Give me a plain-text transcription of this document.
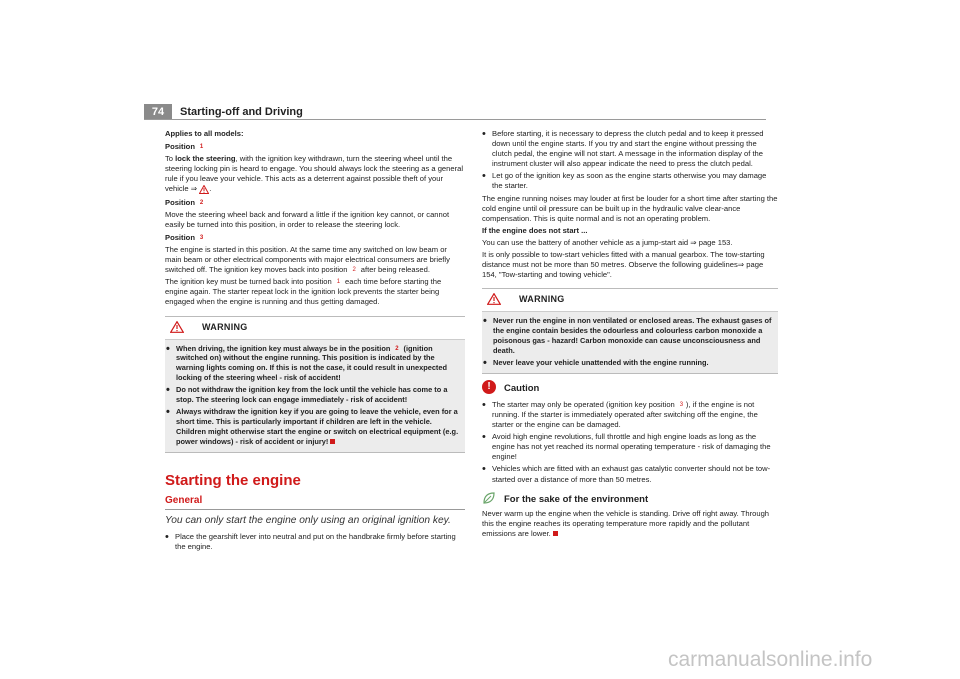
74	Starting-off and Driving

Applies to all models:

Position 1

To lock the steering, with the ignition key withdrawn, turn the steering wheel until the steering locking pin is heard to engage. You should always lock the steering as a general rule if you leave your vehicle. This acts as a deterrent against possible theft of your vehicle ⇒ .

Position 2

Move the steering wheel back and forward a little if the ignition key cannot, or cannot easily be turned into this position, in order to release the steering lock.

Position 3

The engine is started in this position. At the same time any switched on low beam or main beam or other electrical components with major electrical consumers are briefly switched off. The ignition key moves back into position 2 after being released.

The ignition key must be turned back into position 1 each time before starting the engine again. The starter repeat lock in the ignition lock prevents the starter being engaged when the engine is running and thus getting damaged.

WARNING

• When driving, the ignition key must always be in the position 2 (ignition switched on) without the engine running. This position is indicated by the warning lights coming on. If this is not the case, it could result in unexpected locking of the steering wheel - risk of accident!

• Do not withdraw the ignition key from the lock until the vehicle has come to a stop. The steering lock can engage immediately - risk of accident!

• Always withdraw the ignition key if you are going to leave the vehicle, even for a short time. This is particularly important if children are left in the vehicle. Children might otherwise start the engine or switch on electrical equipment (e.g. power windows) - risk of accident or injury!

Starting the engine
General
You can only start the engine only using an original ignition key.

• Place the gearshift lever into neutral and put on the handbrake firmly before starting the engine.

• Before starting, it is necessary to depress the clutch pedal and to keep it pressed down until the engine starts. If you try and start the engine without pressing the clutch pedal, the engine will not start. A message in the information display of the instrument cluster will also appear indicate the need to press the clutch pedal.

• Let go of the ignition key as soon as the engine starts otherwise you may damage the starter.

The engine running noises may louder at first be louder for a short time after starting the cold engine until oil pressure can be built up in the hydraulic valve clear-ance compensation. This is quite normal and is not an operating problem.

If the engine does not start ...

You can use the battery of another vehicle as a jump-start aid ⇒ page 153.

It is only possible to tow-start vehicles fitted with a manual gearbox. The tow-starting distance must not be more than 50 metres. Observe the following guidelines⇒ page 154, "Tow-starting and towing vehicle".

WARNING

• Never run the engine in non ventilated or enclosed areas. The exhaust gases of the engine contain besides the odourless and colourless carbon monoxide a poisonous gas - hazard! Carbon monoxide can cause unconsciousness and death.

• Never leave your vehicle unattended with the engine running.

!	Caution

• The starter may only be operated (ignition key position 3 ), if the engine is not running. If the starter is immediately operated after switching off the engine, the starter or the engine can be damaged.

• Avoid high engine revolutions, full throttle and high engine loads as long as the engine has not yet reached its normal operating temperature - risk of damaging the engine!

• Vehicles which are fitted with an exhaust gas catalytic converter should not be tow-started over a distance of more than 50 metres.

For the sake of the environment

Never warm up the engine when the vehicle is standing. Drive off right away. Through this the engine reaches its operating temperature more rapidly and the pollutant emissions are lower.

carmanualsonline.info
